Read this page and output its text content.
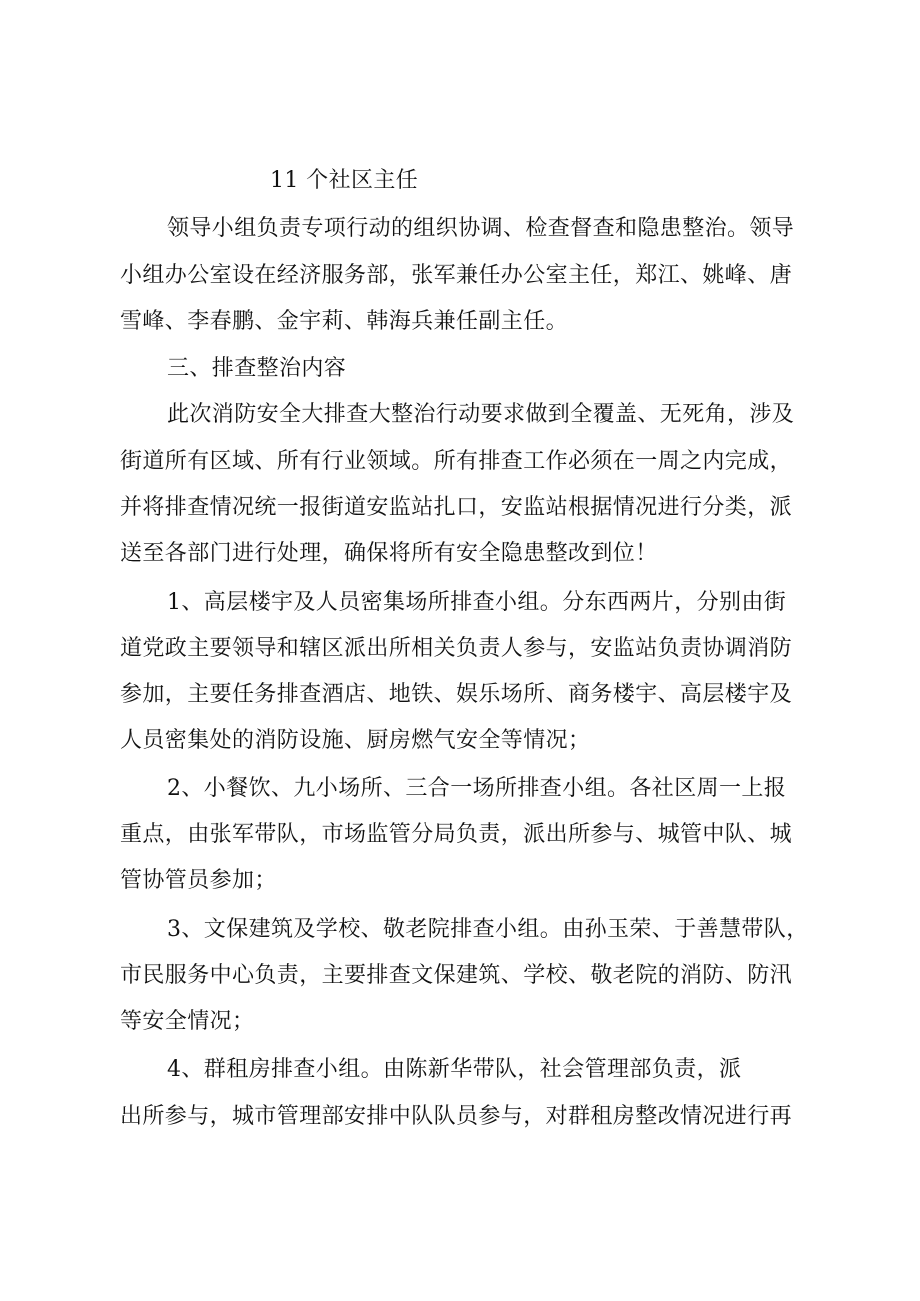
11 个社区主任
领导小组负责专项行动的组织协调、检查督查和隐患整治。领导
小组办公室设在经济服务部，张军兼任办公室主任，郑江、姚峰、唐
雪峰、李春鹏、金宇莉、韩海兵兼任副主任。
三、排查整治内容
此次消防安全大排查大整治行动要求做到全覆盖、无死角，涉及
街道所有区域、所有行业领域。所有排查工作必须在一周之内完成，
并将排查情况统一报街道安监站扎口，安监站根据情况进行分类，派
送至各部门进行处理，确保将所有安全隐患整改到位！
1、高层楼宇及人员密集场所排查小组。分东西两片，分别由街
道党政主要领导和辖区派出所相关负责人参与，安监站负责协调消防
参加，主要任务排查酒店、地铁、娱乐场所、商务楼宇、高层楼宇及
人员密集处的消防设施、厨房燃气安全等情况；
2、小餐饮、九小场所、三合一场所排查小组。各社区周一上报
重点，由张军带队，市场监管分局负责，派出所参与、城管中队、城
管协管员参加；
3、文保建筑及学校、敬老院排查小组。由孙玉荣、于善慧带队，
市民服务中心负责，主要排查文保建筑、学校、敬老院的消防、防汛
等安全情况；
4、群租房排查小组。由陈新华带队，社会管理部负责，派
出所参与，城市管理部安排中队队员参与，对群租房整改情况进行再
